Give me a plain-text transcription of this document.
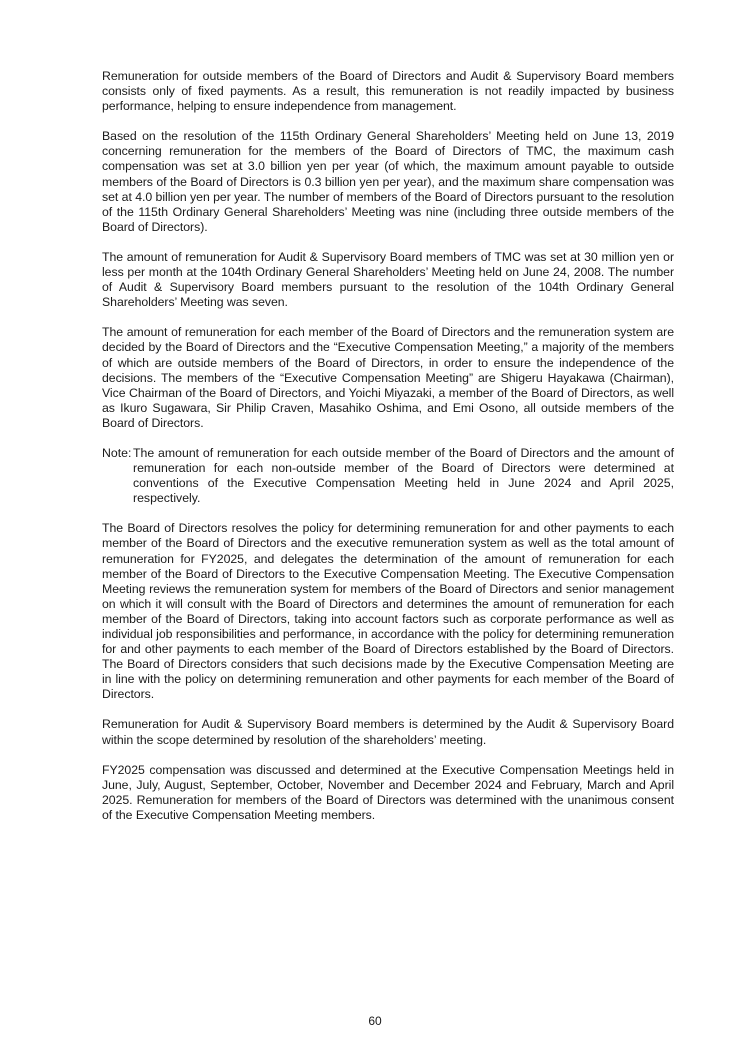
Remuneration for outside members of the Board of Directors and Audit & Supervisory Board members consists only of fixed payments. As a result, this remuneration is not readily impacted by business performance, helping to ensure independence from management.

Based on the resolution of the 115th Ordinary General Shareholders’ Meeting held on June 13, 2019 concerning remuneration for the members of the Board of Directors of TMC, the maximum cash compensation was set at 3.0 billion yen per year (of which, the maximum amount payable to outside members of the Board of Directors is 0.3 billion yen per year), and the maximum share compensation was set at 4.0 billion yen per year. The number of members of the Board of Directors pursuant to the resolution of the 115th Ordinary General Shareholders’ Meeting was nine (including three outside members of the Board of Directors).

The amount of remuneration for Audit & Supervisory Board members of TMC was set at 30 million yen or less per month at the 104th Ordinary General Shareholders’ Meeting held on June 24, 2008. The number of Audit & Supervisory Board members pursuant to the resolution of the 104th Ordinary General Shareholders’ Meeting was seven.

The amount of remuneration for each member of the Board of Directors and the remuneration system are decided by the Board of Directors and the “Executive Compensation Meeting,” a majority of the members of which are outside members of the Board of Directors, in order to ensure the independence of the decisions. The members of the “Executive Compensation Meeting” are Shigeru Hayakawa (Chairman), Vice Chairman of the Board of Directors, and Yoichi Miyazaki, a member of the Board of Directors, as well as Ikuro Sugawara, Sir Philip Craven, Masahiko Oshima, and Emi Osono, all outside members of the Board of Directors.

Note: The amount of remuneration for each outside member of the Board of Directors and the amount of remuneration for each non-outside member of the Board of Directors were determined at conventions of the Executive Compensation Meeting held in June 2024 and April 2025, respectively.

The Board of Directors resolves the policy for determining remuneration for and other payments to each member of the Board of Directors and the executive remuneration system as well as the total amount of remuneration for FY2025, and delegates the determination of the amount of remuneration for each member of the Board of Directors to the Executive Compensation Meeting. The Executive Compensation Meeting reviews the remuneration system for members of the Board of Directors and senior management on which it will consult with the Board of Directors and determines the amount of remuneration for each member of the Board of Directors, taking into account factors such as corporate performance as well as individual job responsibilities and performance, in accordance with the policy for determining remuneration for and other payments to each member of the Board of Directors established by the Board of Directors. The Board of Directors considers that such decisions made by the Executive Compensation Meeting are in line with the policy on determining remuneration and other payments for each member of the Board of Directors.

Remuneration for Audit & Supervisory Board members is determined by the Audit & Supervisory Board within the scope determined by resolution of the shareholders’ meeting.

FY2025 compensation was discussed and determined at the Executive Compensation Meetings held in June, July, August, September, October, November and December 2024 and February, March and April 2025. Remuneration for members of the Board of Directors was determined with the unanimous consent of the Executive Compensation Meeting members.

60
